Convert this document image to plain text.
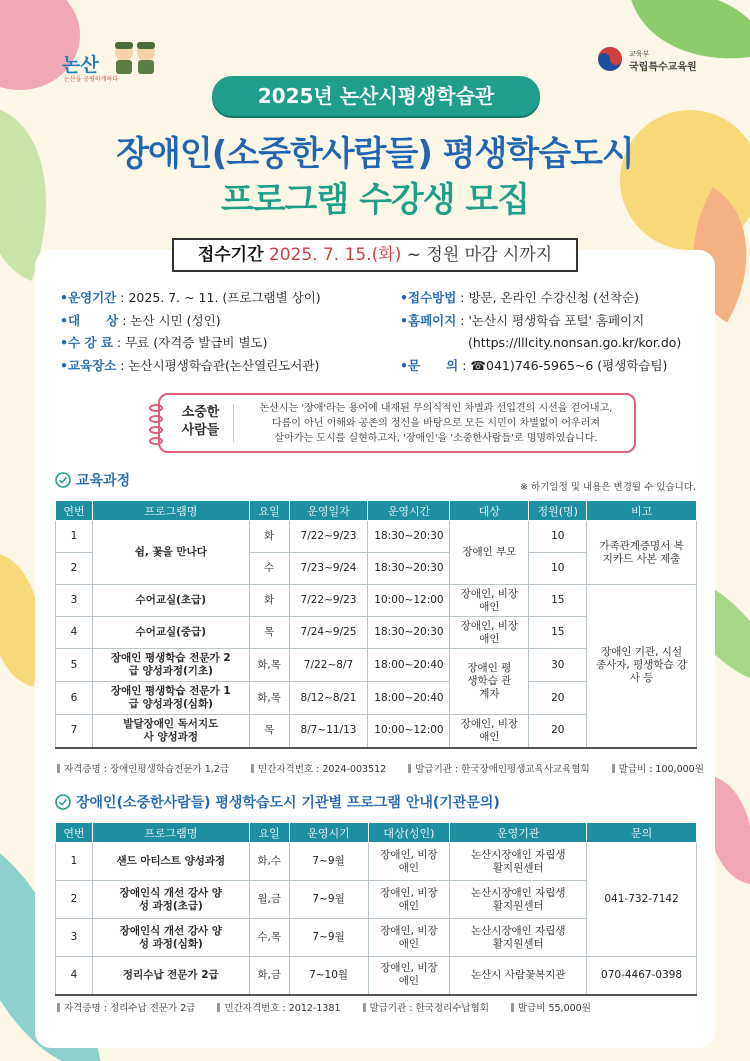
논산
논산을 공평하게하다
교육부
국립특수교육원
2025년 논산시평생학습관
장애인(소중한사람들) 평생학습도시
프로그램 수강생 모집
접수기간 2025. 7. 15.(화) ~ 정원 마감 시까지
•운영기간 : 2025. 7. ~ 11. (프로그램별 상이)
•대      상 : 논산 시민 (성인)
•수 강 료 : 무료 (자격증 발급비 별도)
•교육장소 : 논산시평생학습관(논산열린도서관)
•접수방법 : 방문, 온라인 수강신청 (선착순)
•홈페이지 : '논산시 평생학습 포털' 홈페이지
(https://lllcity.nonsan.go.kr/kor.do)
•문      의 : ☎041)746-5965~6 (평생학습팀)
소중한
사람들
논산시는 '장애'라는 용어에 내재된 무의식적인 차별과 선입견의 시선을 걷어내고,
다름이 아닌 이해와 공존의 정신을 바탕으로 모든 시민이 차별없이 어우러져
살아가는 도시를 실현하고자, '장애인'을 '소중한사람들'로 명명하였습니다.
교육과정	※ 하기일정 및 내용은 변경될 수 있습니다.
연번	프로그램명	요일	운영일자	운영시간	대상	정원(명)	비고
1	쉼, 꽃을 만나다	화	7/22~9/23	18:30~20:30	장애인 부모	10	가족관계증명서 복지카드 사본 제출
2		수	7/23~9/24	18:30~20:30		10	
3	수어교실(초급)	화	7/22~9/23	10:00~12:00	장애인, 비장애인	15	장애인 기관, 시설 종사자, 평생학습 강사 등
4	수어교실(중급)	목	7/24~9/25	18:30~20:30	장애인, 비장애인	15	
5	장애인 평생학습 전문가 2급 양성과정(기초)	화,목	7/22~8/7	18:00~20:40	장애인 평생학습 관계자	30	
6	장애인 평생학습 전문가 1급 양성과정(심화)	화,목	8/12~8/21	18:00~20:40		20	
7	발달장애인 독서지도사 양성과정	목	8/7~11/13	10:00~12:00	장애인, 비장애인	20	
자격증명 : 장애인평생학습전문가 1,2급	민간자격번호 : 2024-003512	발급기관 : 한국장애인평생교육사교육협회	발급비 : 100,000원
장애인(소중한사람들) 평생학습도시 기관별 프로그램 안내(기관문의)
연번	프로그램명	요일	운영시기	대상(성인)	운영기관	문의
1	샌드 아티스트 양성과정	화,수	7~9월	장애인, 비장애인	논산시장애인 자립생활지원센터	041-732-7142
2	장애인식 개선 강사 양성 과정(초급)	월,금	7~9월	장애인, 비장애인	논산시장애인 자립생활지원센터	
3	장애인식 개선 강사 양성 과정(심화)	수,목	7~9월	장애인, 비장애인	논산시장애인 자립생활지원센터	
4	정리수납 전문가 2급	화,금	7~10월	장애인, 비장애인	논산시 사람꽃복지관	070-4467-0398
자격증명 : 정리수납 전문가 2급	민간자격번호 : 2012-1381	발급기관 : 한국정리수납협회	발급비 55,000원
